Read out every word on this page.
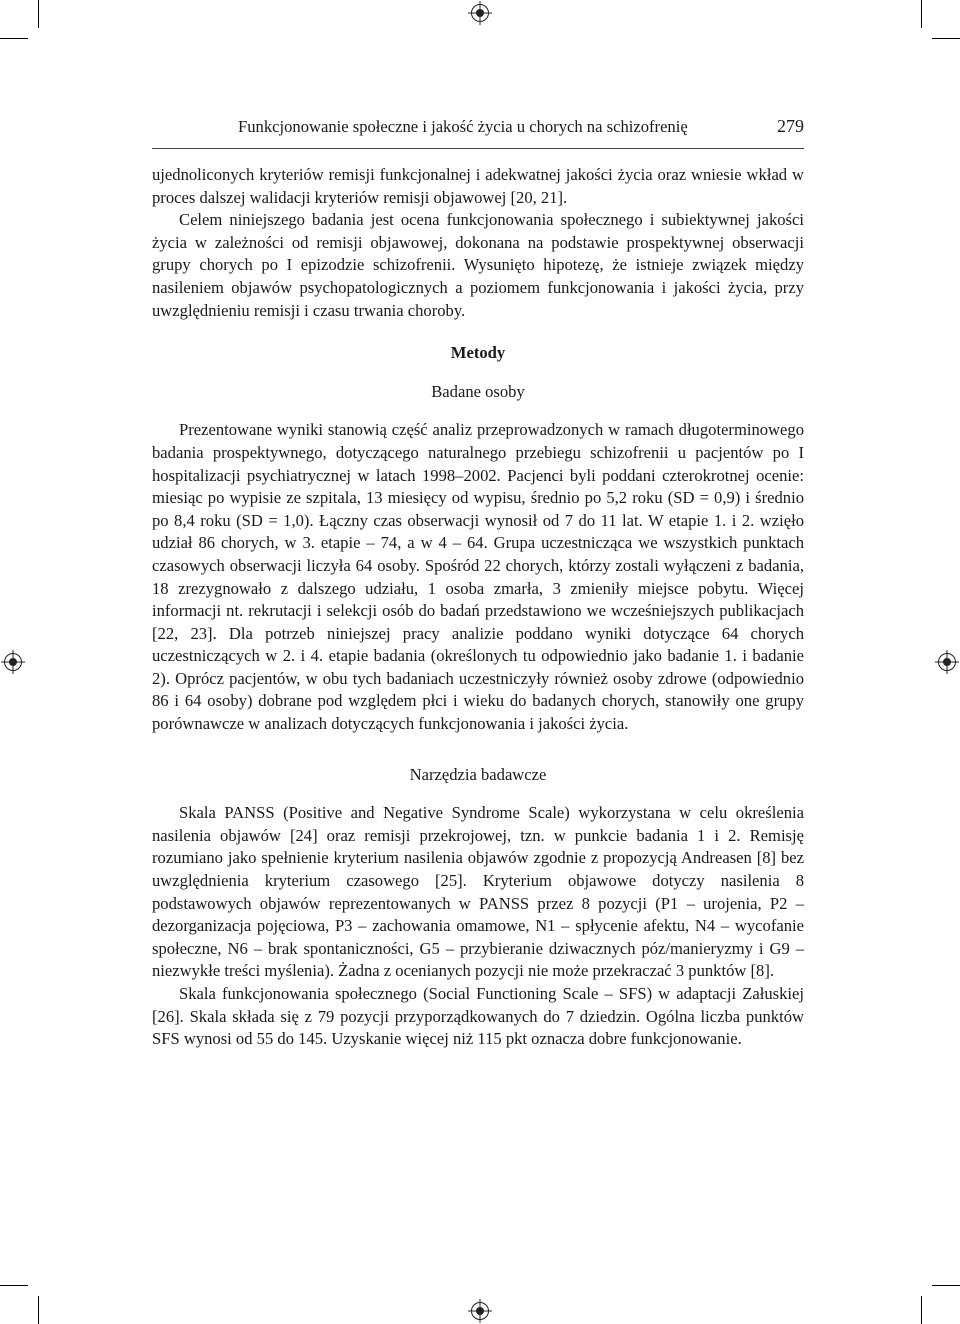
Funkcjonowanie społeczne i jakość życia u chorych na schizofrenię	279

ujednoliconych kryteriów remisji funkcjonalnej i adekwatnej jakości życia oraz wniesie wkład w proces dalszej walidacji kryteriów remisji objawowej [20, 21].

Celem niniejszego badania jest ocena funkcjonowania społecznego i subiektywnej jakości życia w zależności od remisji objawowej, dokonana na podstawie prospektywnej obserwacji grupy chorych po I epizodzie schizofrenii. Wysunięto hipotezę, że istnieje związek między nasileniem objawów psychopatologicznych a poziomem funkcjonowania i jakości życia, przy uwzględnieniu remisji i czasu trwania choroby.

Metody
Badane osoby

Prezentowane wyniki stanowią część analiz przeprowadzonych w ramach długoterminowego badania prospektywnego, dotyczącego naturalnego przebiegu schizofrenii u pacjentów po I hospitalizacji psychiatrycznej w latach 1998–2002. Pacjenci byli poddani czterokrotnej ocenie: miesiąc po wypisie ze szpitala, 13 miesięcy od wypisu, średnio po 5,2 roku (SD = 0,9) i średnio po 8,4 roku (SD = 1,0). Łączny czas obserwacji wynosił od 7 do 11 lat. W etapie 1. i 2. wzięło udział 86 chorych, w 3. etapie – 74, a w 4 – 64. Grupa uczestnicząca we wszystkich punktach czasowych obserwacji liczyła 64 osoby. Spośród 22 chorych, którzy zostali wyłączeni z badania, 18 zrezygnowało z dalszego udziału, 1 osoba zmarła, 3 zmieniły miejsce pobytu. Więcej informacji nt. rekrutacji i selekcji osób do badań przedstawiono we wcześniejszych publikacjach [22, 23]. Dla potrzeb niniejszej pracy analizie poddano wyniki dotyczące 64 chorych uczestniczących w 2. i 4. etapie badania (określonych tu odpowiednio jako badanie 1. i badanie 2). Oprócz pacjentów, w obu tych badaniach uczestniczyły również osoby zdrowe (odpowiednio 86 i 64 osoby) dobrane pod względem płci i wieku do badanych chorych, stanowiły one grupy porównawcze w analizach dotyczących funkcjonowania i jakości życia.

Narzędzia badawcze

Skala PANSS (Positive and Negative Syndrome Scale) wykorzystana w celu określenia nasilenia objawów [24] oraz remisji przekrojowej, tzn. w punkcie badania 1 i 2. Remisję rozumiano jako spełnienie kryterium nasilenia objawów zgodnie z propozycją Andreasen [8] bez uwzględnienia kryterium czasowego [25]. Kryterium objawowe dotyczy nasilenia 8 podstawowych objawów reprezentowanych w PANSS przez 8 pozycji (P1 – urojenia, P2 – dezorganizacja pojęciowa, P3 – zachowania omamowe, N1 – spłycenie afektu, N4 – wycofanie społeczne, N6 – brak spontaniczności, G5 – przybieranie dziwacznych póz/manieryzmy i G9 – niezwykłe treści myślenia). Żadna z ocenianych pozycji nie może przekraczać 3 punktów [8].

Skala funkcjonowania społecznego (Social Functioning Scale – SFS) w adaptacji Załuskiej [26]. Skala składa się z 79 pozycji przyporządkowanych do 7 dziedzin. Ogólna liczba punktów SFS wynosi od 55 do 145. Uzyskanie więcej niż 115 pkt oznacza dobre funkcjonowanie.
